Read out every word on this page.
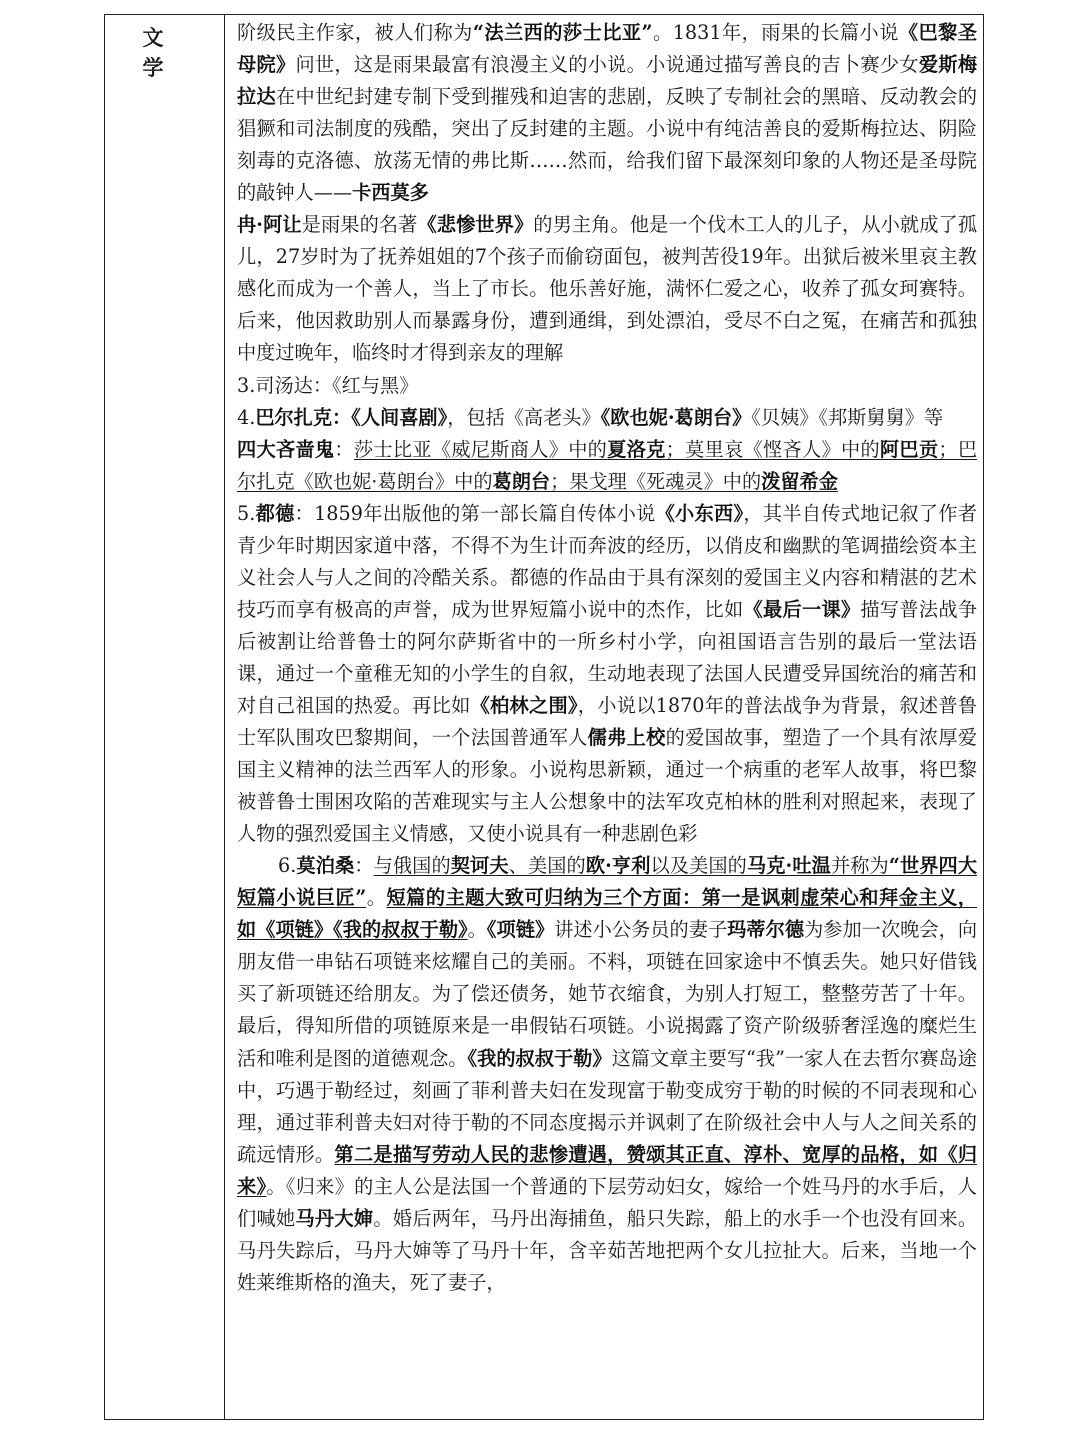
文学

阶级民主作家，被人们称为“法兰西的莎士比亚”。1831年，雨果的长篇小说《巴黎圣母院》问世，这是雨果最富有浪漫主义的小说。小说通过描写善良的吉卜赛少女爱斯梅拉达在中世纪封建专制下受到摧残和迫害的悲剧，反映了专制社会的黑暗、反动教会的猖獗和司法制度的残酷，突出了反封建的主题。小说中有纯洁善良的爱斯梅拉达、阴险刻毒的克洛德、放荡无情的弗比斯……然而，给我们留下最深刻印象的人物还是圣母院的敲钟人——卡西莫多

冉·阿让是雨果的名著《悲惨世界》的男主角。他是一个伐木工人的儿子，从小就成了孤儿，27岁时为了抚养姐姐的7个孩子而偷窃面包，被判苦役19年。出狱后被米里哀主教感化而成为一个善人，当上了市长。他乐善好施，满怀仁爱之心，收养了孤女珂赛特。后来，他因救助别人而暴露身份，遭到通缉，到处漂泊，受尽不白之冤，在痛苦和孤独中度过晚年，临终时才得到亲友的理解

3.司汤达：《红与黑》

4.巴尔扎克：《人间喜剧》，包括《高老头》《欧也妮·葛朗台》《贝姨》《邦斯舅舅》等

四大吝啬鬼：莎士比亚《威尼斯商人》中的夏洛克；莫里哀《悭吝人》中的阿巴贡；巴尔扎克《欧也妮·葛朗台》中的葛朗台；果戈理《死魂灵》中的泼留希金

5.都德：1859年出版他的第一部长篇自传体小说《小东西》，其半自传式地记叙了作者青少年时期因家道中落，不得不为生计而奔波的经历，以俏皮和幽默的笔调描绘资本主义社会人与人之间的冷酷关系。都德的作品由于具有深刻的爱国主义内容和精湛的艺术技巧而享有极高的声誉，成为世界短篇小说中的杰作，比如《最后一课》描写普法战争后被割让给普鲁士的阿尔萨斯省中的一所乡村小学，向祖国语言告别的最后一堂法语课，通过一个童稚无知的小学生的自叙，生动地表现了法国人民遭受异国统治的痛苦和对自己祖国的热爱。再比如《柏林之围》，小说以1870年的普法战争为背景，叙述普鲁士军队围攻巴黎期间，一个法国普通军人儒弗上校的爱国故事，塑造了一个具有浓厚爱国主义精神的法兰西军人的形象。小说构思新颖，通过一个病重的老军人故事，将巴黎被普鲁士围困攻陷的苦难现实与主人公想象中的法军攻克柏林的胜利对照起来，表现了人物的强烈爱国主义情感，又使小说具有一种悲剧色彩

6.莫泊桑：与俄国的契诃夫、美国的欧·亨利以及美国的马克·吐温并称为“世界四大短篇小说巨匠”。短篇的主题大致可归纳为三个方面：第一是讽刺虚荣心和拜金主义，如《项链》《我的叔叔于勒》。《项链》讲述小公务员的妻子玛蒂尔德为参加一次晚会，向朋友借一串钻石项链来炫耀自己的美丽。不料，项链在回家途中不慎丢失。她只好借钱买了新项链还给朋友。为了偿还债务，她节衣缩食，为别人打短工，整整劳苦了十年。最后，得知所借的项链原来是一串假钻石项链。小说揭露了资产阶级骄奢淫逸的糜烂生活和唯利是图的道德观念。《我的叔叔于勒》这篇文章主要写“我”一家人在去哲尔赛岛途中，巧遇于勒经过，刻画了菲利普夫妇在发现富于勒变成穷于勒的时候的不同表现和心理，通过菲利普夫妇对待于勒的不同态度揭示并讽刺了在阶级社会中人与人之间关系的疏远情形。第二是描写劳动人民的悲惨遭遇，赞颂其正直、淳朴、宽厚的品格，如《归来》。《归来》的主人公是法国一个普通的下层劳动妇女，嫁给一个姓马丹的水手后，人们喊她马丹大婶。婚后两年，马丹出海捕鱼，船只失踪，船上的水手一个也没有回来。马丹失踪后，马丹大婶等了马丹十年，含辛茹苦地把两个女儿拉扯大。后来，当地一个姓莱维斯格的渔夫，死了妻子，
